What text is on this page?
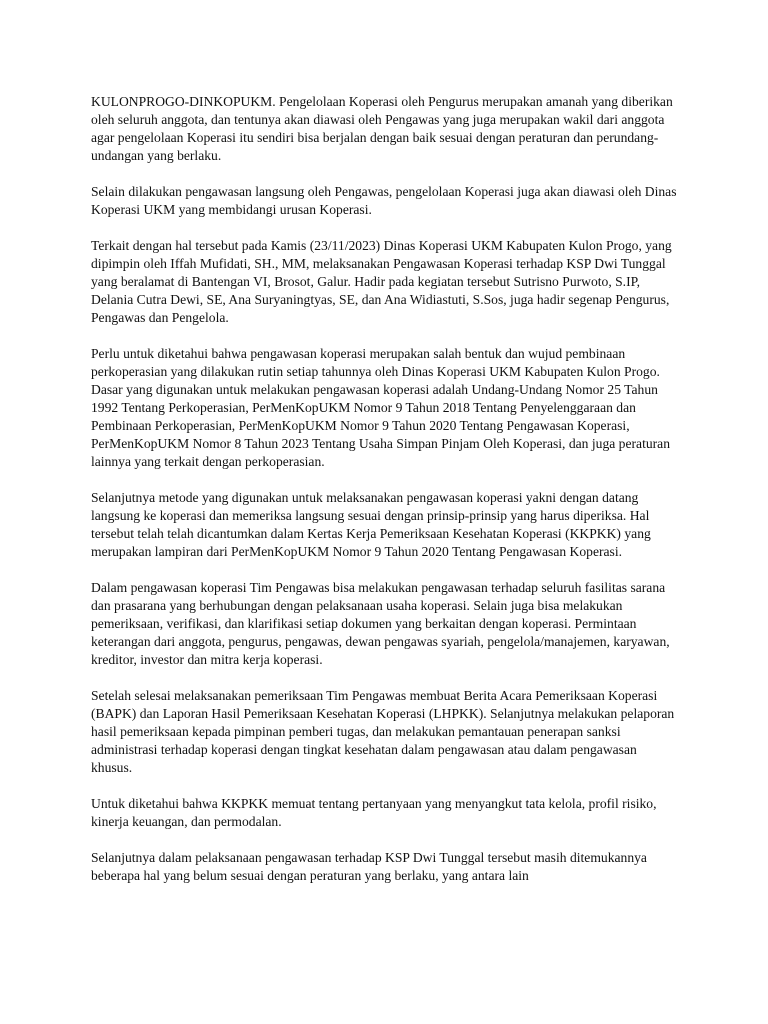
KULONPROGO-DINKOPUKM. Pengelolaan Koperasi oleh Pengurus merupakan amanah yang diberikan oleh seluruh anggota, dan tentunya akan diawasi oleh Pengawas yang juga merupakan wakil dari anggota agar pengelolaan Koperasi itu sendiri bisa berjalan dengan baik sesuai dengan peraturan dan perundang-undangan yang berlaku.

Selain dilakukan pengawasan langsung oleh Pengawas, pengelolaan Koperasi juga akan diawasi oleh Dinas Koperasi UKM yang membidangi urusan Koperasi.

Terkait dengan hal tersebut pada Kamis (23/11/2023) Dinas Koperasi UKM Kabupaten Kulon Progo, yang dipimpin oleh Iffah Mufidati, SH., MM, melaksanakan Pengawasan Koperasi terhadap KSP Dwi Tunggal yang beralamat di Bantengan VI, Brosot, Galur. Hadir pada kegiatan tersebut Sutrisno Purwoto, S.IP, Delania Cutra Dewi, SE, Ana Suryaningtyas, SE, dan Ana Widiastuti, S.Sos, juga hadir segenap Pengurus, Pengawas dan Pengelola.

Perlu untuk diketahui bahwa pengawasan koperasi merupakan salah bentuk dan wujud pembinaan perkoperasian yang dilakukan rutin setiap tahunnya oleh Dinas Koperasi UKM Kabupaten Kulon Progo. Dasar yang digunakan untuk melakukan pengawasan koperasi adalah Undang-Undang Nomor 25 Tahun 1992 Tentang Perkoperasian, PerMenKopUKM Nomor 9 Tahun 2018 Tentang Penyelenggaraan dan Pembinaan Perkoperasian, PerMenKopUKM Nomor 9 Tahun 2020 Tentang Pengawasan Koperasi, PerMenKopUKM Nomor 8 Tahun 2023 Tentang Usaha Simpan Pinjam Oleh Koperasi, dan juga peraturan lainnya yang terkait dengan perkoperasian.

Selanjutnya metode yang digunakan untuk melaksanakan pengawasan koperasi yakni dengan datang langsung ke koperasi dan memeriksa langsung sesuai dengan prinsip-prinsip yang harus diperiksa. Hal tersebut telah telah dicantumkan dalam Kertas Kerja Pemeriksaan Kesehatan Koperasi (KKPKK) yang merupakan lampiran dari PerMenKopUKM Nomor 9 Tahun 2020 Tentang Pengawasan Koperasi.

Dalam pengawasan koperasi Tim Pengawas bisa melakukan pengawasan terhadap seluruh fasilitas sarana dan prasarana yang berhubungan dengan pelaksanaan usaha koperasi. Selain juga bisa melakukan pemeriksaan, verifikasi, dan klarifikasi setiap dokumen yang berkaitan dengan koperasi. Permintaan keterangan dari anggota, pengurus, pengawas, dewan pengawas syariah, pengelola/manajemen, karyawan, kreditor, investor dan mitra kerja koperasi.

Setelah selesai melaksanakan pemeriksaan Tim Pengawas membuat Berita Acara Pemeriksaan Koperasi (BAPK) dan Laporan Hasil Pemeriksaan Kesehatan Koperasi (LHPKK). Selanjutnya melakukan pelaporan hasil pemeriksaan kepada pimpinan pemberi tugas, dan melakukan pemantauan penerapan sanksi administrasi terhadap koperasi dengan tingkat kesehatan dalam pengawasan atau dalam pengawasan khusus.

Untuk diketahui bahwa KKPKK memuat tentang pertanyaan yang menyangkut tata kelola, profil risiko, kinerja keuangan, dan permodalan.

Selanjutnya dalam pelaksanaan pengawasan terhadap KSP Dwi Tunggal tersebut masih ditemukannya beberapa hal yang belum sesuai dengan peraturan yang berlaku, yang antara lain
